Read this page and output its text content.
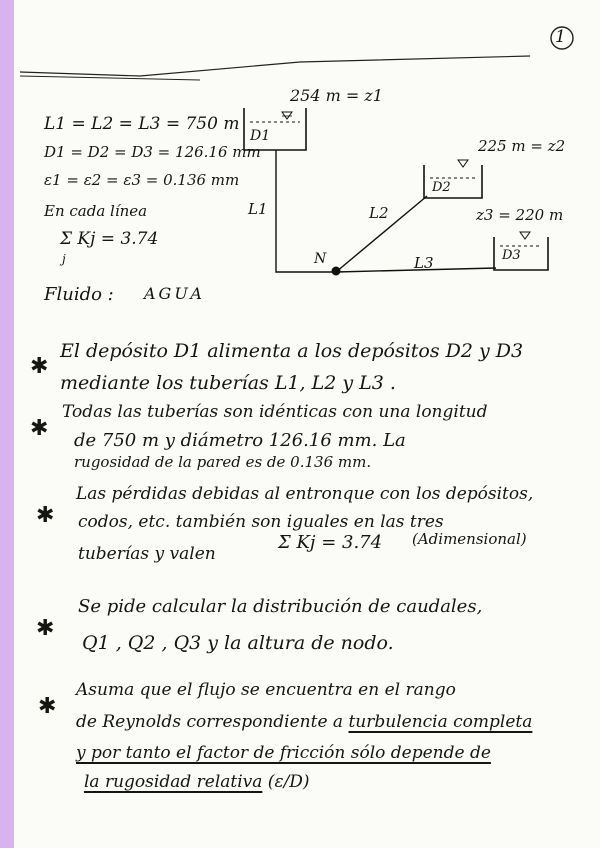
1
L1 = L2 = L3 = 750 m
D1 = D2 = D3 = 126.16 mm
ε1 = ε2 = ε3 = 0.136 mm
En cada línea
Σ Kj = 3.74
j
Fluido : AGUA
254 m = z1
225 m = z2
z3 = 220 m
D1
D2
D3
L1	L2
L3
N
✱
✱
✱
✱
✱
El depósito D1 alimenta a los depósitos D2 y D3
mediante los tuberías L1, L2 y L3 .
Todas las tuberías son idénticas con una longitud
de 750 m y diámetro 126.16 mm. La
rugosidad de la pared es de 0.136 mm.
Las pérdidas debidas al entronque con los depósitos,
codos, etc. también son iguales en las tres
tuberías y valen
Σ Kj = 3.74 (Adimensional)
Se pide calcular la distribución de caudales,
Q1 , Q2 , Q3 y la altura de nodo.
Asuma que el flujo se encuentra en el rango
de Reynolds correspondiente a turbulencia completa
y por tanto el factor de fricción sólo depende de
la rugosidad relativa (ε/D)
